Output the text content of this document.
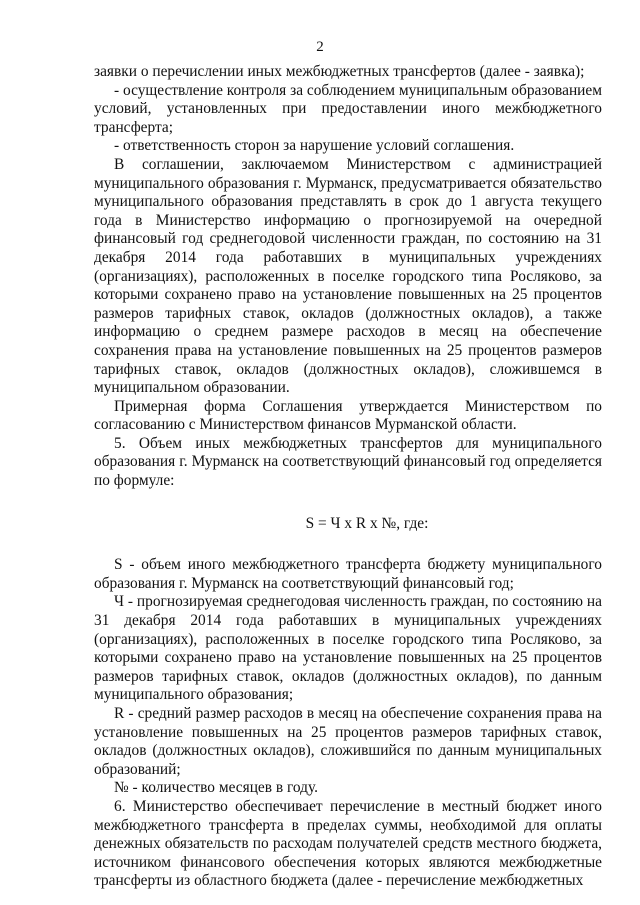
2

заявки о перечислении иных межбюджетных трансфертов (далее - заявка);

- осуществление контроля за соблюдением муниципальным образованием условий, установленных при предоставлении иного межбюджетного трансферта;

- ответственность сторон за нарушение условий соглашения.

В соглашении, заключаемом Министерством с администрацией муниципального образования г. Мурманск, предусматривается обязательство муниципального образования представлять в срок до 1 августа текущего года в Министерство информацию о прогнозируемой на очередной финансовый год среднегодовой численности граждан, по состоянию на 31 декабря 2014 года работавших в муниципальных учреждениях (организациях), расположенных в поселке городского типа Росляково, за которыми сохранено право на установление повышенных на 25 процентов размеров тарифных ставок, окладов (должностных окладов), а также информацию о среднем размере расходов в месяц на обеспечение сохранения права на установление повышенных на 25 процентов размеров тарифных ставок, окладов (должностных окладов), сложившемся в муниципальном образовании.

Примерная форма Соглашения утверждается Министерством по согласованию с Министерством финансов Мурманской области.

5. Объем иных межбюджетных трансфертов для муниципального образования г. Мурманск на соответствующий финансовый год определяется по формуле:

S = Ч x R x №, где:

S - объем иного межбюджетного трансферта бюджету муниципального образования г. Мурманск на соответствующий финансовый год;

Ч - прогнозируемая среднегодовая численность граждан, по состоянию на 31 декабря 2014 года работавших в муниципальных учреждениях (организациях), расположенных в поселке городского типа Росляково, за которыми сохранено право на установление повышенных на 25 процентов размеров тарифных ставок, окладов (должностных окладов), по данным муниципального образования;

R - средний размер расходов в месяц на обеспечение сохранения права на установление повышенных на 25 процентов размеров тарифных ставок, окладов (должностных окладов), сложившийся по данным муниципальных образований;

№ - количество месяцев в году.

6. Министерство обеспечивает перечисление в местный бюджет иного межбюджетного трансферта в пределах суммы, необходимой для оплаты денежных обязательств по расходам получателей средств местного бюджета, источником финансового обеспечения которых являются межбюджетные трансферты из областного бюджета (далее - перечисление межбюджетных
